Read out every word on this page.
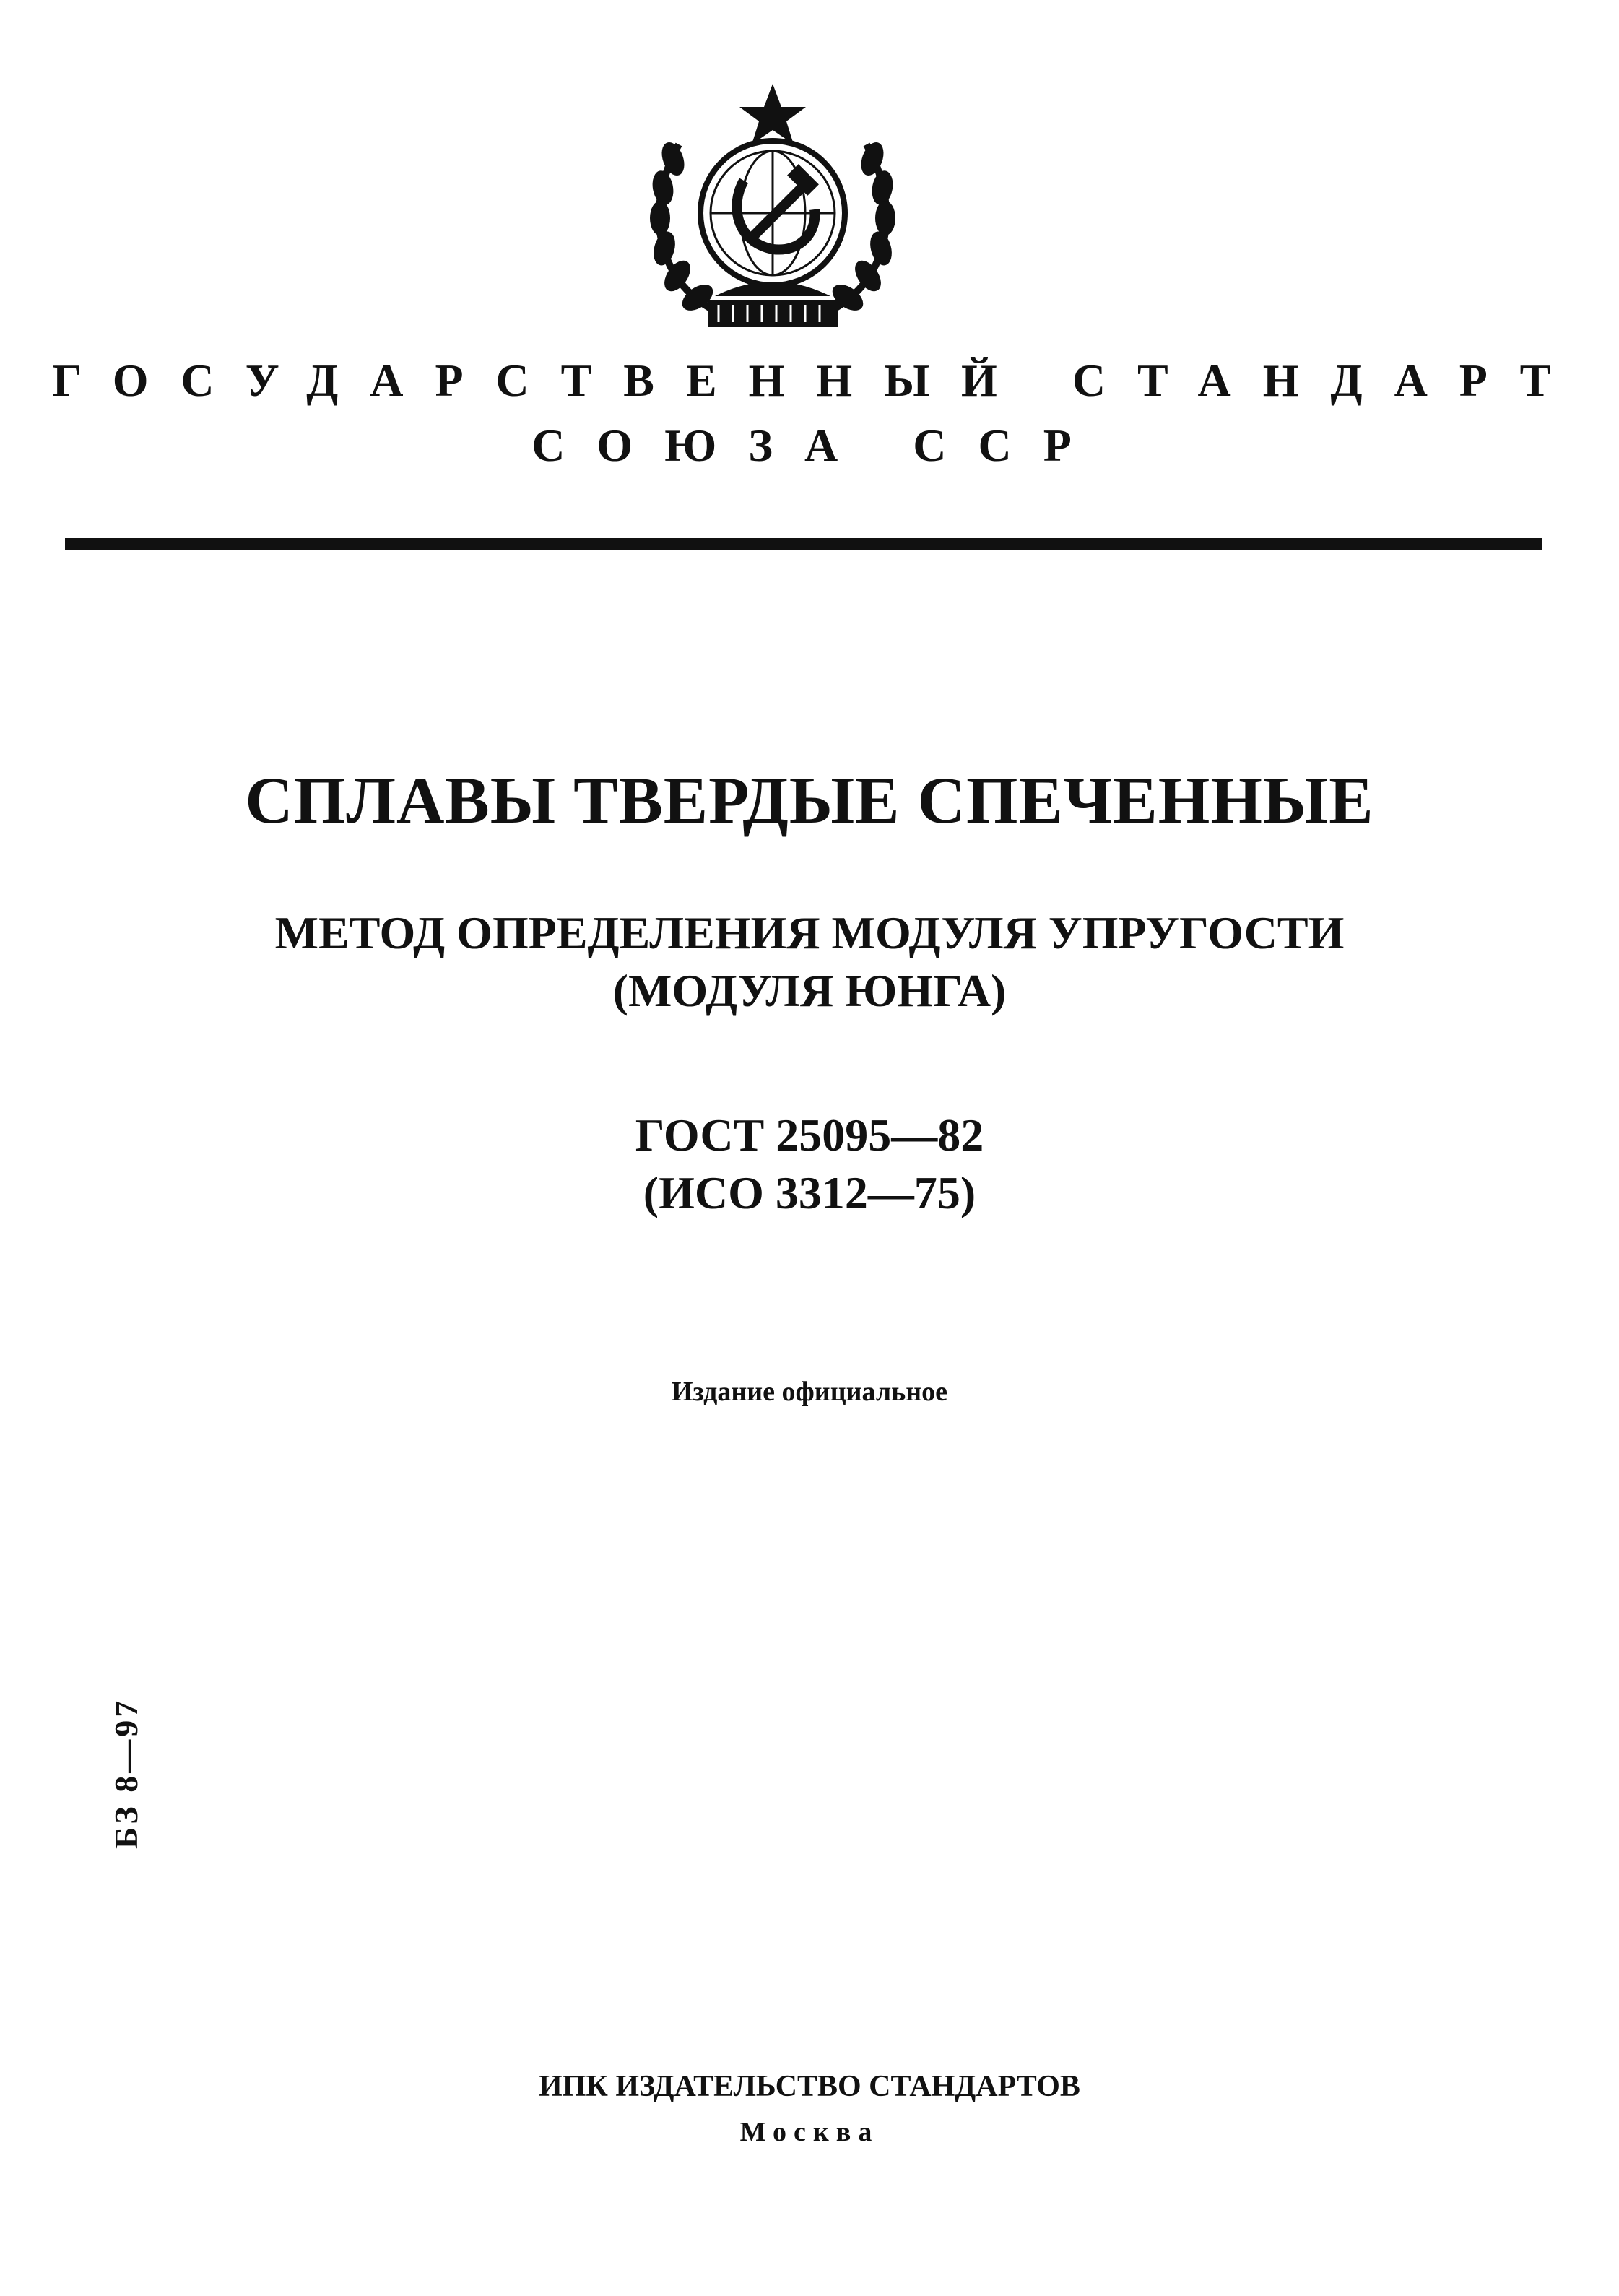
ГОСУДАРСТВЕННЫЙ СТАНДАРТ
СОЮЗА ССР
СПЛАВЫ ТВЕРДЫЕ СПЕЧЕННЫЕ
МЕТОД ОПРЕДЕЛЕНИЯ МОДУЛЯ УПРУГОСТИ
(МОДУЛЯ ЮНГА)
ГОСТ 25095—82
(ИСО 3312—75)
Издание официальное
БЗ 8—97
ИПК ИЗДАТЕЛЬСТВО СТАНДАРТОВ
Москва
